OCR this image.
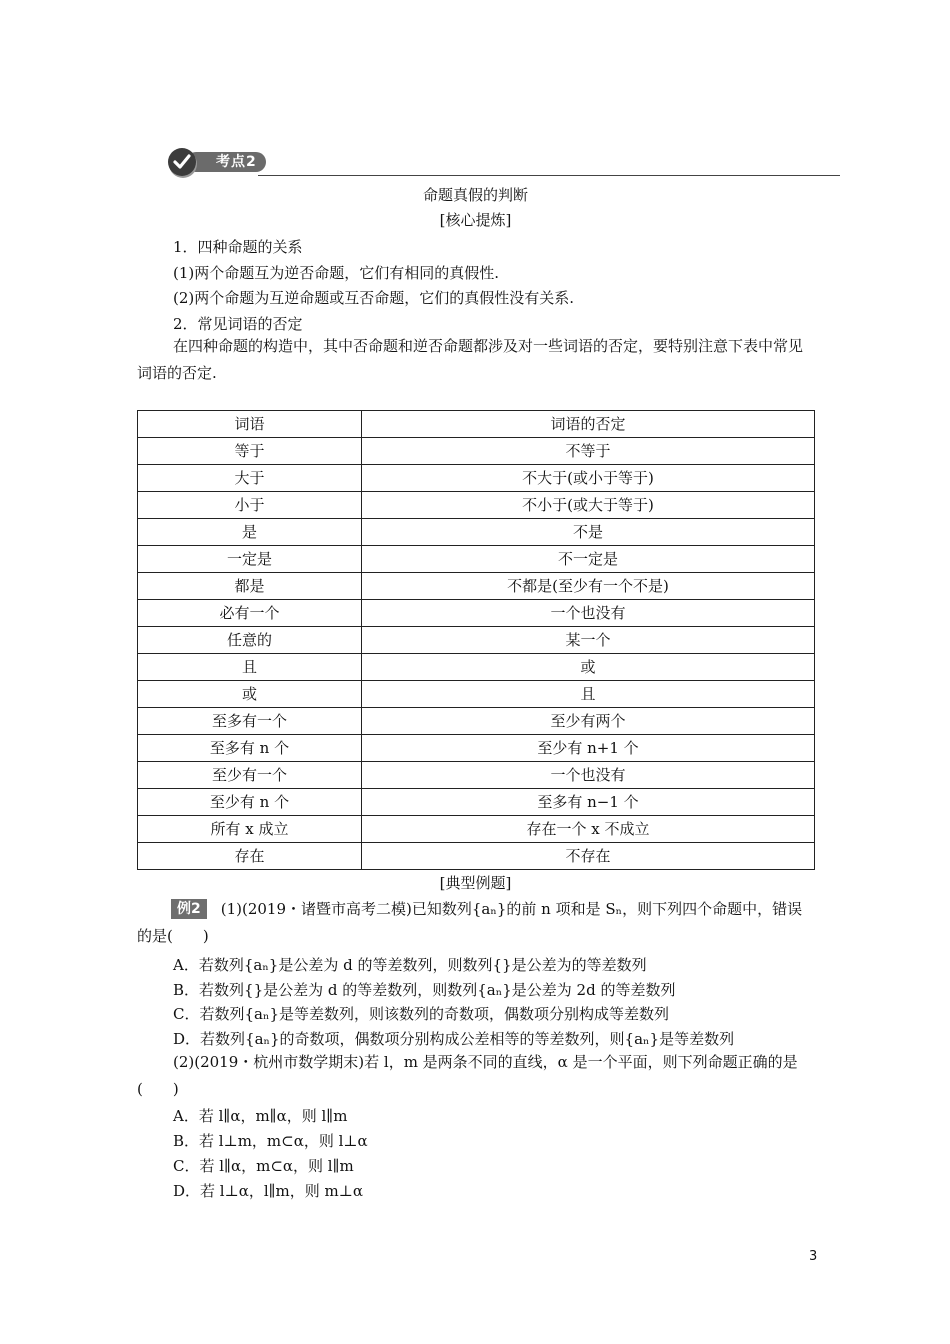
考点2
命题真假的判断
[核心提炼]
1．四种命题的关系
(1)两个命题互为逆否命题，它们有相同的真假性.
(2)两个命题为互逆命题或互否命题，它们的真假性没有关系.
2．常见词语的否定
在四种命题的构造中，其中否命题和逆否命题都涉及对一些词语的否定，要特别注意下表中常见词语的否定.
词语	词语的否定
等于	不等于
大于	不大于(或小于等于)
小于	不小于(或大于等于)
是	不是
一定是	不一定是
都是	不都是(至少有一个不是)
必有一个	一个也没有
任意的	某一个
且	或
或	且
至多有一个	至少有两个
至多有 n 个	至少有 n+1 个
至少有一个	一个也没有
至少有 n 个	至多有 n−1 个
所有 x 成立	存在一个 x 不成立
存在	不存在
[典型例题]
例2 (1)(2019・诸暨市高考二模)已知数列{aₙ}的前 n 项和是 Sₙ，则下列四个命题中，错误的是(　　)
A．若数列{aₙ}是公差为 d 的等差数列，则数列{}是公差为的等差数列
B．若数列{}是公差为 d 的等差数列，则数列{aₙ}是公差为 2d 的等差数列
C．若数列{aₙ}是等差数列，则该数列的奇数项，偶数项分别构成等差数列
D．若数列{aₙ}的奇数项，偶数项分别构成公差相等的等差数列，则{aₙ}是等差数列
(2)(2019・杭州市数学期末)若 l，m 是两条不同的直线，α 是一个平面，则下列命题正确的是(　　)
A．若 l∥α，m∥α，则 l∥m
B．若 l⊥m，m⊂α，则 l⊥α
C．若 l∥α，m⊂α，则 l∥m
D．若 l⊥α，l∥m，则 m⊥α
3
